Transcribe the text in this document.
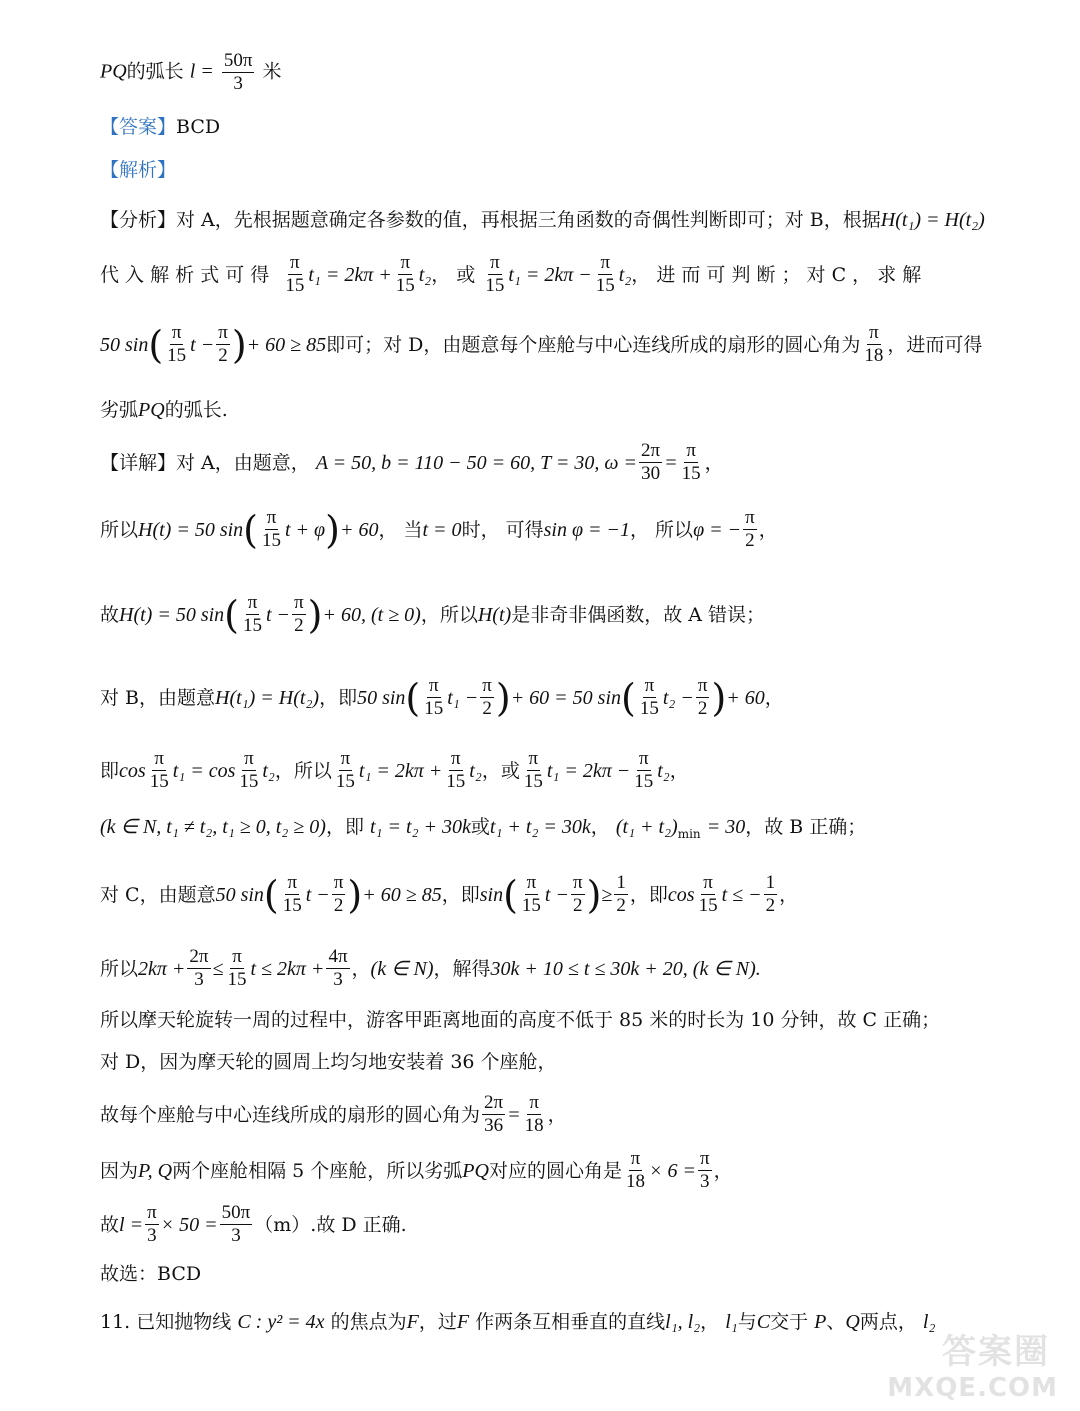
PQ的弧长 $l = \frac{50\pi}{3}$ 米
【答案】BCD
【解析】
【分析】对 A，先根据题意确定各参数的值，再根据三角函数的奇偶性判断即可；对 B，根据H(t₁) = H(t₂)
代 入 解 析 式 可 得
$\frac{\pi}{15} t_1 = 2k\pi + \frac{\pi}{15} t_2$ ， 或
$\frac{\pi}{15} t_1 = 2k\pi - \frac{\pi}{15} t_2$ ， 进 而 可 判 断 ； 对 C ， 求 解
50 sin ( $\frac{\pi}{15}$ $t - \frac{\pi}{2}$ ) + 60 ≥ 85 即可；对 D，由题意每个座舱与中心连线所成的扇形的圆心角为 $\frac{\pi}{18}$ ，进而可得
劣弧PQ的弧长.
【详解】对 A，由题意，
A = 50, b = 110 − 50 = 60, T = 30, $\omega = \frac{2\pi}{30} = \frac{\pi}{15}$ ，
所以 H(t) = 50 sin ( $\frac{\pi}{15}$ t + φ ) + 60 ， 当 t = 0 时， 可得 sin φ = −1 ， 所以 φ = − $\frac{\pi}{2}$ ，
故 H(t) = 50 sin ( $\frac{\pi}{15}$ $t - \frac{\pi}{2}$ ) + 60, (t ≥ 0) ，所以 H(t) 是非奇非偶函数，故 A 错误；
对 B，由题意 H(t₁) = H(t₂) ，即 50 sin ( $\frac{\pi}{15} t_1 - \frac{\pi}{2}$ ) + 60 = 50 sin ( $\frac{\pi}{15} t_2 - \frac{\pi}{2}$ ) + 60 ，
即 $\cos \frac{\pi}{15} t_1 = \cos \frac{\pi}{15} t_2$ ，所以 $\frac{\pi}{15} t_1 = 2k\pi + \frac{\pi}{15} t_2$ ，或 $\frac{\pi}{15} t_1 = 2k\pi - \frac{\pi}{15} t_2$ ，
(k ∈ N, t₁ ≠ t₂, t₁ ≥ 0, t₂ ≥ 0)，即 t₁ = t₂ + 30k或t₁ + t₂ = 30k， $(t_1 + t_2)_{min} = 30$，故 B 正确；
对 C，由题意 50 sin ( $\frac{\pi}{15}$ $t - \frac{\pi}{2}$ ) + 60 ≥ 85 ，即 sin ( $\frac{\pi}{15}$ $t - \frac{\pi}{2}$ ) ≥ $\frac{1}{2}$ ，即 $\cos \frac{\pi}{15}$ t ≤ − $\frac{1}{2}$ ，
所以 $2k\pi + \frac{2\pi}{3} \le \frac{\pi}{15}$ $t \le 2k\pi + \frac{4\pi}{3}$ ， (k ∈ N) ，解得 30k + 10 ≤ t ≤ 30k + 20, (k ∈ N).
所以摩天轮旋转一周的过程中，游客甲距离地面的高度不低于 85 米的时长为 10 分钟，故 C 正确；
对 D，因为摩天轮的圆周上均匀地安装着 36 个座舱，
故每个座舱与中心连线所成的扇形的圆心角为 $\frac{2\pi}{36} = \frac{\pi}{18}$ ，
因为 P, Q 两个座舱相隔 5 个座舱，所以劣弧 PQ 对应的圆心角是 $\frac{\pi}{18} \times 6 = \frac{\pi}{3}$ ，
故 $l = \frac{\pi}{3} \times 50 = \frac{50\pi}{3} (m)$.故 D 正确.
故选：BCD
11. 已知抛物线 C : y² = 4x 的焦点为F，过F 作两条互相垂直的直线l₁, l₂， l₁与C交于 P、Q两点， l₂
答案圈
MXQE.COM
